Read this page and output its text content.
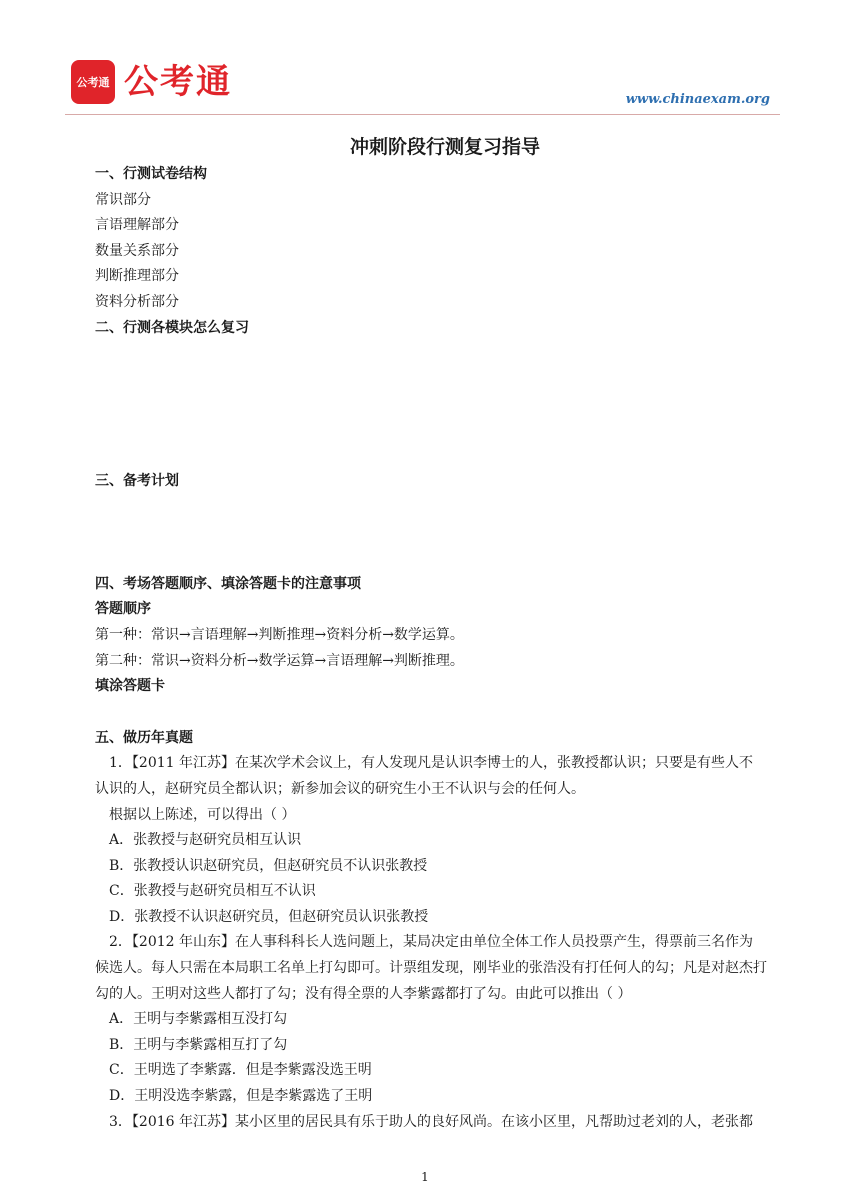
公考通 公考通	www.chinaexam.org
冲刺阶段行测复习指导
一、行测试卷结构
常识部分
言语理解部分
数量关系部分
判断推理部分
资料分析部分
二、行测各模块怎么复习
三、备考计划
四、考场答题顺序、填涂答题卡的注意事项
答题顺序
第一种：常识→言语理解→判断推理→资料分析→数学运算。
第二种：常识→资料分析→数学运算→言语理解→判断推理。
填涂答题卡
五、做历年真题
1．【2011 年江苏】在某次学术会议上，有人发现凡是认识李博士的人，张教授都认识；只要是有些人不
认识的人，赵研究员全都认识；新参加会议的研究生小王不认识与会的任何人。
根据以上陈述，可以得出（ ）
A．张教授与赵研究员相互认识
B．张教授认识赵研究员，但赵研究员不认识张教授
C．张教授与赵研究员相互不认识
D．张教授不认识赵研究员，但赵研究员认识张教授
2．【2012 年山东】在人事科科长人选问题上，某局决定由单位全体工作人员投票产生，得票前三名作为
候选人。每人只需在本局职工名单上打勾即可。计票组发现，刚毕业的张浩没有打任何人的勾；凡是对赵杰打
勾的人。王明对这些人都打了勾；没有得全票的人李紫露都打了勾。由此可以推出（ ）
A．王明与李紫露相互没打勾
B．王明与李紫露相互打了勾
C．王明选了李紫露．但是李紫露没选王明
D．王明没选李紫露，但是李紫露选了王明
3．【2016 年江苏】某小区里的居民具有乐于助人的良好风尚。在该小区里，凡帮助过老刘的人，老张都
1
